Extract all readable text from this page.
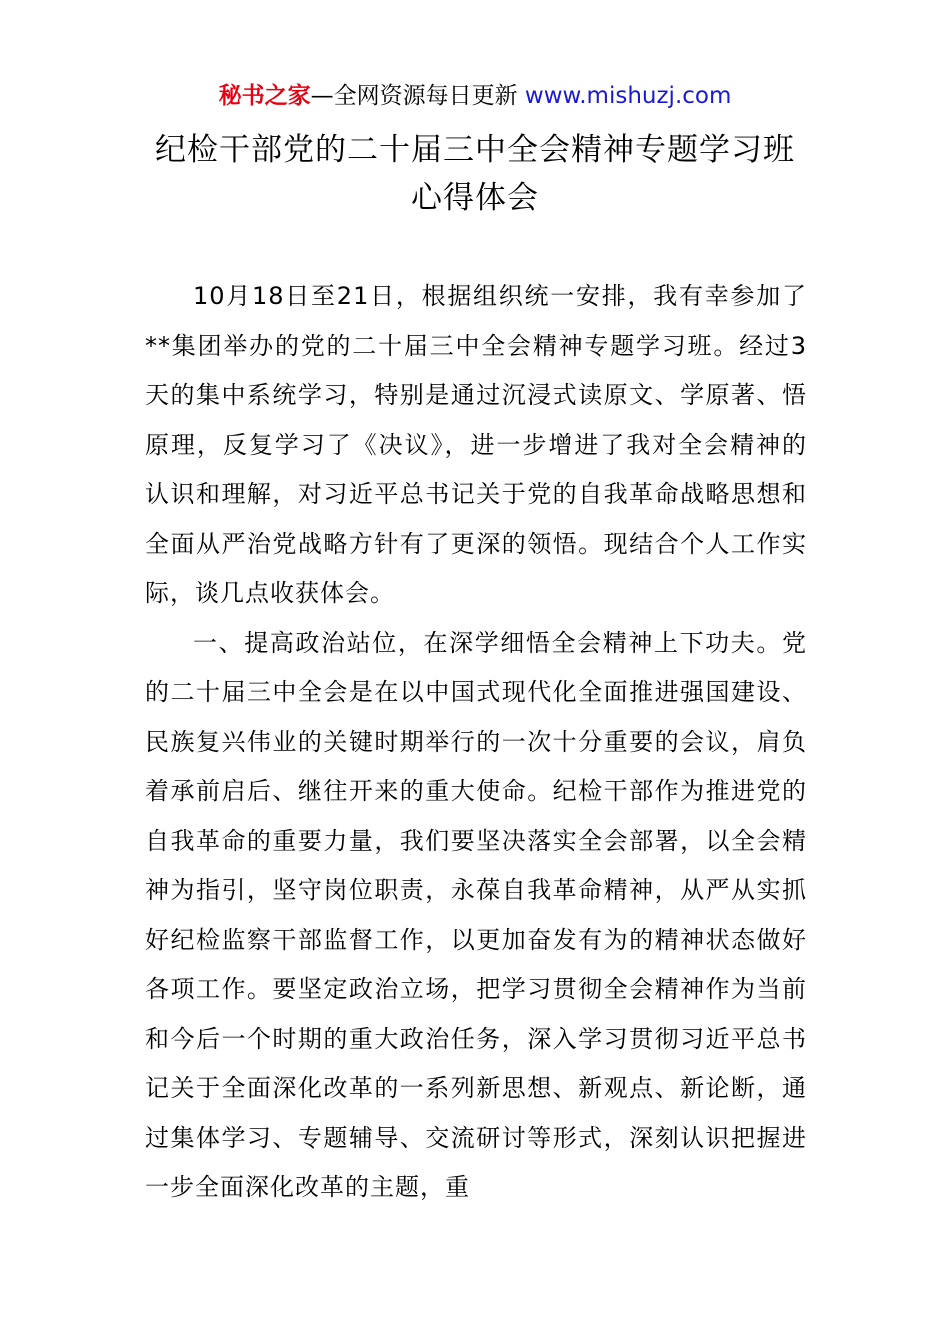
秘书之家—全网资源每日更新 www.mishuzj.com
纪检干部党的二十届三中全会精神专题学习班
心得体会

10月18日至21日，根据组织统一安排，我有幸参加了**集团举办的党的二十届三中全会精神专题学习班。经过3天的集中系统学习，特别是通过沉浸式读原文、学原著、悟原理，反复学习了《决议》，进一步增进了我对全会精神的认识和理解，对习近平总书记关于党的自我革命战略思想和全面从严治党战略方针有了更深的领悟。现结合个人工作实际，谈几点收获体会。

一、提高政治站位，在深学细悟全会精神上下功夫。党的二十届三中全会是在以中国式现代化全面推进强国建设、民族复兴伟业的关键时期举行的一次十分重要的会议，肩负着承前启后、继往开来的重大使命。纪检干部作为推进党的自我革命的重要力量，我们要坚决落实全会部署，以全会精神为指引，坚守岗位职责，永葆自我革命精神，从严从实抓好纪检监察干部监督工作，以更加奋发有为的精神状态做好各项工作。要坚定政治立场，把学习贯彻全会精神作为当前和今后一个时期的重大政治任务，深入学习贯彻习近平总书记关于全面深化改革的一系列新思想、新观点、新论断，通过集体学习、专题辅导、交流研讨等形式，深刻认识把握进一步全面深化改革的主题，重
